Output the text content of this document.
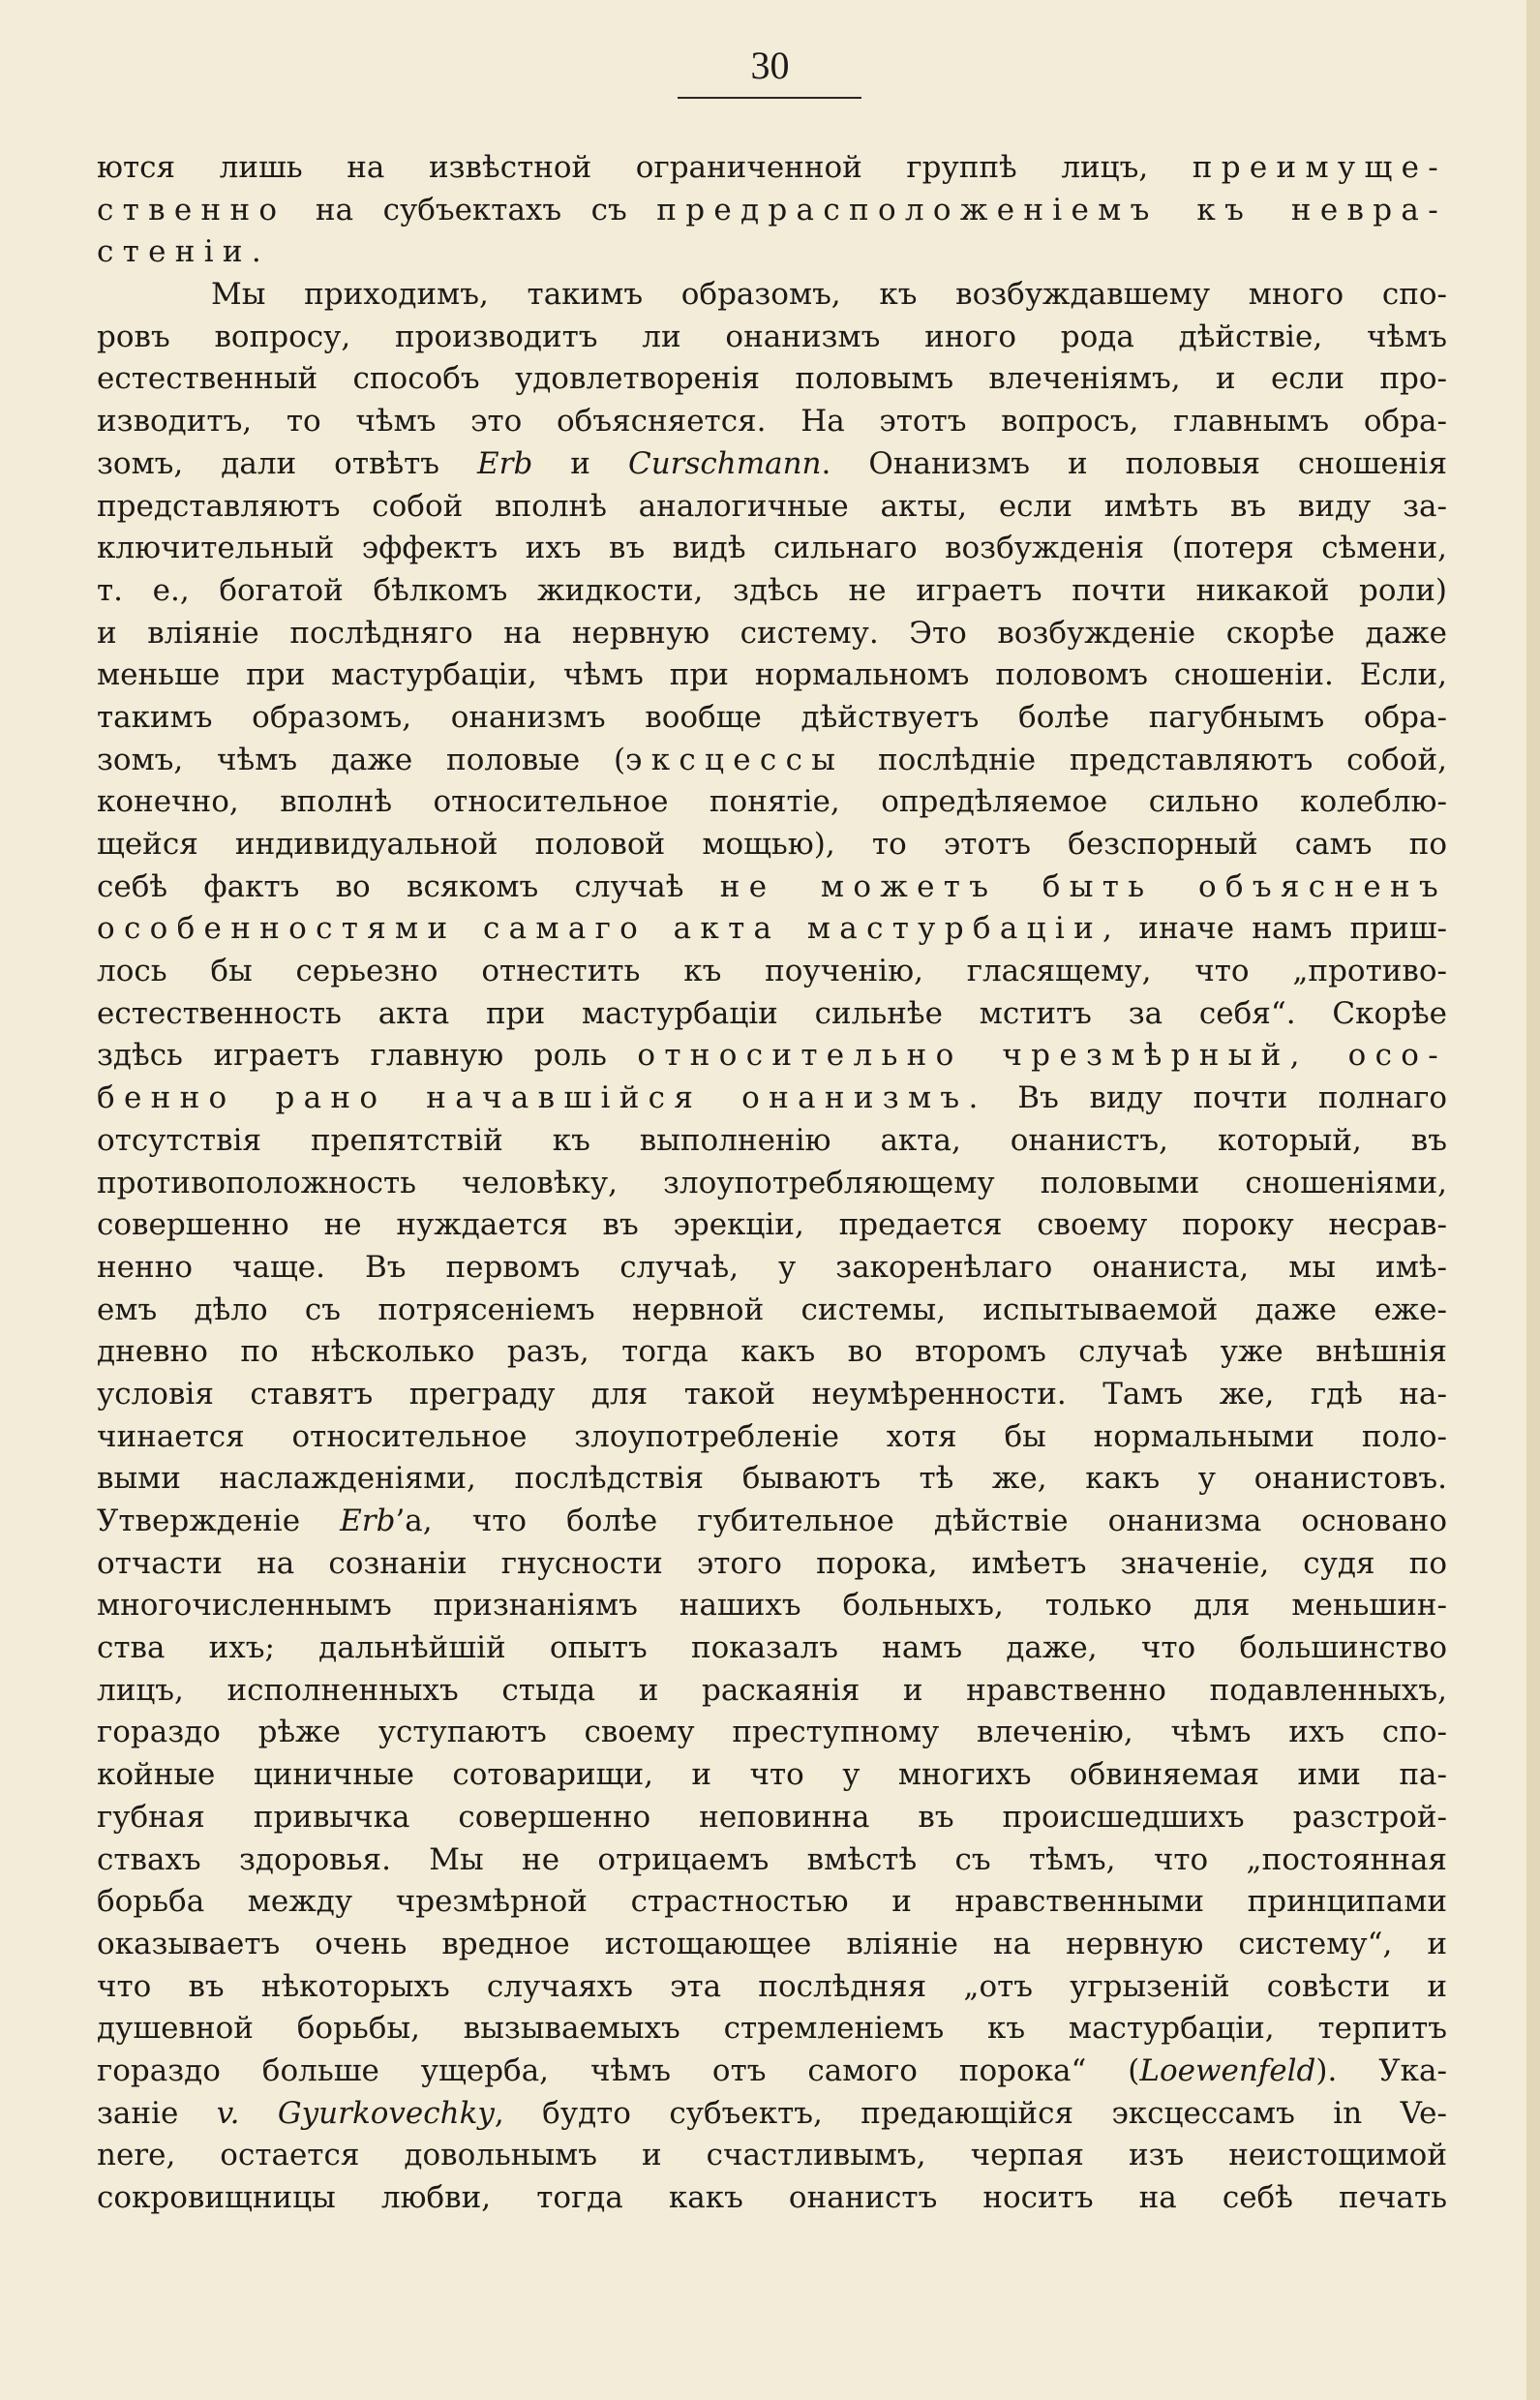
30
ются лишь на извѣстной ограниченной группѣ лицъ, преимуще-
ственно на субъектахъ съ предрасположеніемъ къ невра-
стеніи.
Мы приходимъ, такимъ образомъ, къ возбуждавшему много спо-
ровъ вопросу, производитъ ли онанизмъ иного рода дѣйствіе, чѣмъ
естественный способъ удовлетворенія половымъ влеченіямъ, и если про-
изводитъ, то чѣмъ это объясняется. На этотъ вопросъ, главнымъ обра-
зомъ, дали отвѣтъ Erb и Curschmann. Онанизмъ и половыя сношенія
представляютъ собой вполнѣ аналогичные акты, если имѣть въ виду за-
ключительный эффектъ ихъ въ видѣ сильнаго возбужденія (потеря сѣмени,
т. е., богатой бѣлкомъ жидкости, здѣсь не играетъ почти никакой роли)
и вліяніе послѣдняго на нервную систему. Это возбужденіе скорѣе даже
меньше при мастурбаціи, чѣмъ при нормальномъ половомъ сношеніи. Если,
такимъ образомъ, онанизмъ вообще дѣйствуетъ болѣе пагубнымъ обра-
зомъ, чѣмъ даже половые (эксцессы послѣдніе представляютъ собой,
конечно, вполнѣ относительное понятіе, опредѣляемое сильно колеблю-
щейся индивидуальной половой мощью), то этотъ безспорный самъ по
себѣ фактъ во всякомъ случаѣ не можетъ быть объясненъ
особенностями самаго акта мастурбаціи, иначе намъ приш-
лось бы серьезно отнестить къ поученію, гласящему, что „противо-
естественность акта при мастурбаціи сильнѣе мститъ за себя“. Скорѣе
здѣсь играетъ главную роль относительно чрезмѣрный, осо-
бенно рано начавшійся онанизмъ. Въ виду почти полнаго
отсутствія препятствій къ выполненію акта, онанистъ, который, въ
противоположность человѣку, злоупотребляющему половыми сношеніями,
совершенно не нуждается въ эрекціи, предается своему пороку несрав-
ненно чаще. Въ первомъ случаѣ, у закоренѣлаго онаниста, мы имѣ-
емъ дѣло съ потрясеніемъ нервной системы, испытываемой даже еже-
дневно по нѣсколько разъ, тогда какъ во второмъ случаѣ уже внѣшнія
условія ставятъ преграду для такой неумѣренности. Тамъ же, гдѣ на-
чинается относительное злоупотребленіе хотя бы нормальными поло-
выми наслажденіями, послѣдствія бываютъ тѣ же, какъ у онанистовъ.
Утвержденіе Erb’а, что болѣе губительное дѣйствіе онанизма основано
отчасти на сознаніи гнусности этого порока, имѣетъ значеніе, судя по
многочисленнымъ признаніямъ нашихъ больныхъ, только для меньшин-
ства ихъ; дальнѣйшій опытъ показалъ намъ даже, что большинство
лицъ, исполненныхъ стыда и раскаянія и нравственно подавленныхъ,
гораздо рѣже уступаютъ своему преступному влеченію, чѣмъ ихъ спо-
койные циничные сотоварищи, и что у многихъ обвиняемая ими па-
губная привычка совершенно неповинна въ происшедшихъ разстрой-
ствахъ здоровья. Мы не отрицаемъ вмѣстѣ съ тѣмъ, что „постоянная
борьба между чрезмѣрной страстностью и нравственными принципами
оказываетъ очень вредное истощающее вліяніе на нервную систему“, и
что въ нѣкоторыхъ случаяхъ эта послѣдняя „отъ угрызеній совѣсти и
душевной борьбы, вызываемыхъ стремленіемъ къ мастурбаціи, терпитъ
гораздо больше ущерба, чѣмъ отъ самого порока“ (Loewenfeld). Ука-
заніе v. Gyurkovechky, будто субъектъ, предающійся эксцессамъ in Ve-
nere, остается довольнымъ и счастливымъ, черпая изъ неистощимой
сокровищницы любви, тогда какъ онанистъ носитъ на себѣ печать
